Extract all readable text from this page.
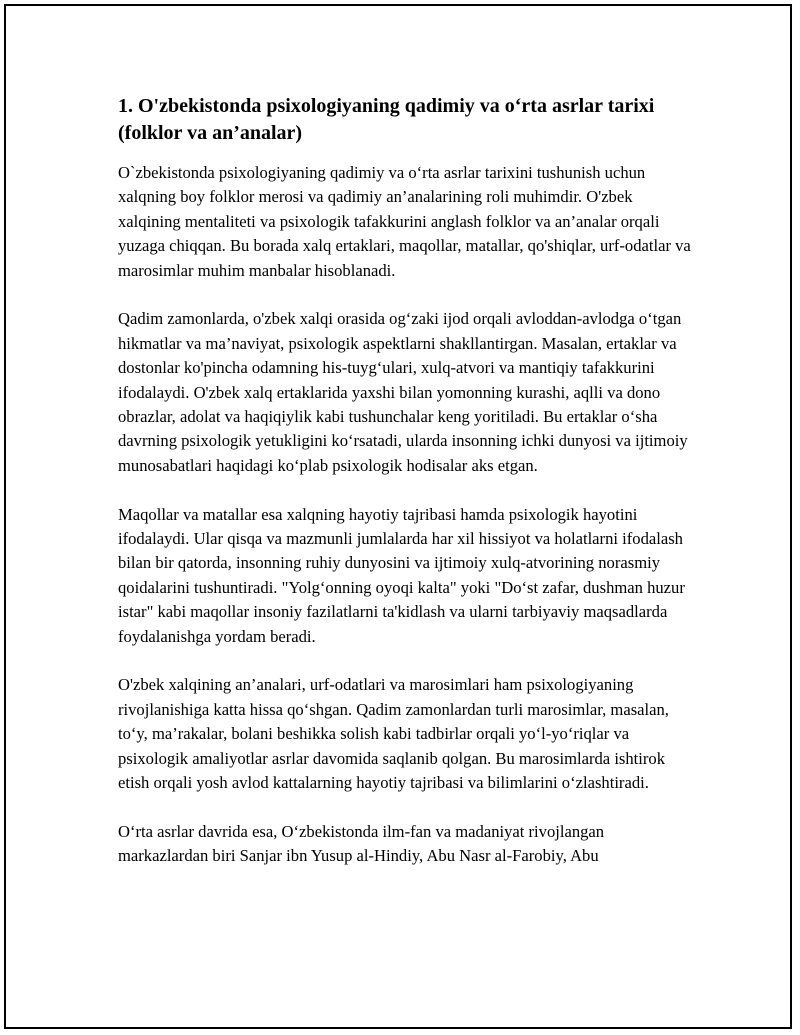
1. O'zbekistonda psixologiyaning qadimiy va o‘rta asrlar tarixi (folklor va an’analar)

O`zbekistonda psixologiyaning qadimiy va o‘rta asrlar tarixini tushunish uchun xalqning boy folklor merosi va qadimiy an’analarining roli muhimdir. O'zbek xalqining mentaliteti va psixologik tafakkurini anglash folklor va an’analar orqali yuzaga chiqqan. Bu borada xalq ertaklari, maqollar, matallar, qo'shiqlar, urf-odatlar va marosimlar muhim manbalar hisoblanadi.

Qadim zamonlarda, o'zbek xalqi orasida og‘zaki ijod orqali avloddan-avlodga o‘tgan hikmatlar va ma’naviyat, psixologik aspektlarni shakllantirgan. Masalan, ertaklar va dostonlar ko'pincha odamning his-tuyg‘ulari, xulq-atvori va mantiqiy tafakkurini ifodalaydi. O'zbek xalq ertaklarida yaxshi bilan yomonning kurashi, aqlli va dono obrazlar, adolat va haqiqiylik kabi tushunchalar keng yoritiladi. Bu ertaklar o‘sha davrning psixologik yetukligini ko‘rsatadi, ularda insonning ichki dunyosi va ijtimoiy munosabatlari haqidagi ko‘plab psixologik hodisalar aks etgan.

Maqollar va matallar esa xalqning hayotiy tajribasi hamda psixologik hayotini ifodalaydi. Ular qisqa va mazmunli jumlalarda har xil hissiyot va holatlarni ifodalash bilan bir qatorda, insonning ruhiy dunyosini va ijtimoiy xulq-atvorining norasmiy qoidalarini tushuntiradi. "Yolg‘onning oyoqi kalta" yoki "Do‘st zafar, dushman huzur istar" kabi maqollar insoniy fazilatlarni ta'kidlash va ularni tarbiyaviy maqsadlarda foydalanishga yordam beradi.

O'zbek xalqining an’analari, urf-odatlari va marosimlari ham psixologiyaning rivojlanishiga katta hissa qo‘shgan. Qadim zamonlardan turli marosimlar, masalan, to‘y, ma’rakalar, bolani beshikka solish kabi tadbirlar orqali yo‘l-yo‘riqlar va psixologik amaliyotlar asrlar davomida saqlanib qolgan. Bu marosimlarda ishtirok etish orqali yosh avlod kattalarning hayotiy tajribasi va bilimlarini o‘zlashtiradi.

O‘rta asrlar davrida esa, O‘zbekistonda ilm-fan va madaniyat rivojlangan markazlardan biri Sanjar ibn Yusup al-Hindiy, Abu Nasr al-Farobiy, Abu
